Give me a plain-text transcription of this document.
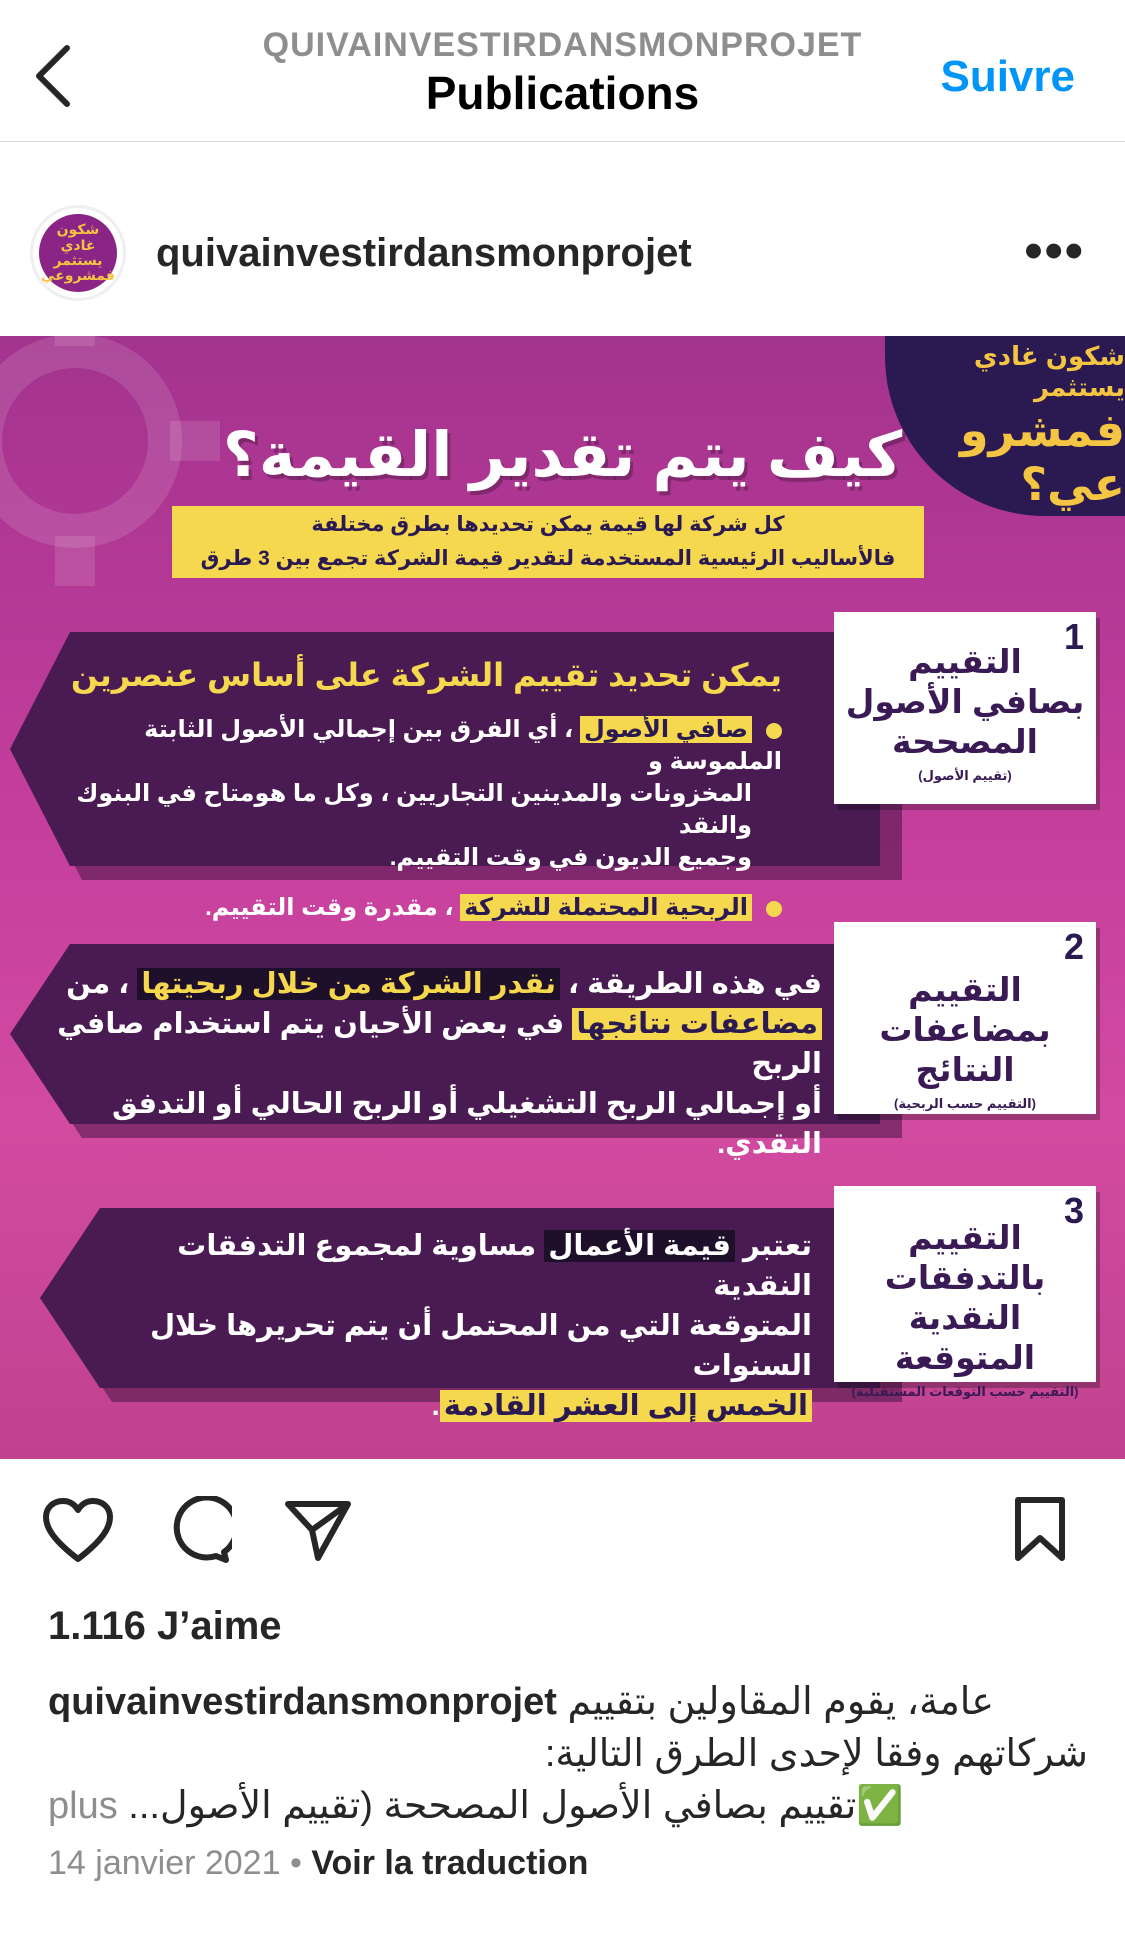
QUIVAINVESTIRDANSMONPROJET
Publications	Suivre
شكون غادي يستثمر فمشروعي
quivainvestirdansmonprojet	•••
شكون غادي يستثمر
فمشرو عي؟
كيف يتم تقدير القيمة؟
كل شركة لها قيمة يمكن تحديدها بطرق مختلفة
فالأساليب الرئيسية المستخدمة لتقدير قيمة الشركة تجمع بين 3 طرق
يمكن تحديد تقييم الشركة على أساس عنصرين
صافي الأصول ، أي الفرق بين إجمالي الأصول الثابتة الملموسة و
المخزونات والمدينين التجاريين ، وكل ما هومتاح في البنوك والنقد
وجميع الديون في وقت التقييم.
الربحية المحتملة للشركة ، مقدرة وقت التقييم.
1
التقييم
بصافي الأصول
المصححة
(تقييم الأصول)
في هذه الطريقة ، نقدر الشركة من خلال ربحيتها ، من
مضاعفات نتائجها في بعض الأحيان يتم استخدام صافي الربح
أو إجمالي الربح التشغيلي أو الربح الحالي أو التدفق النقدي.
2
التقييم
بمضاعفات النتائج
(التقييم حسب الربحية)
تعتبر قيمة الأعمال مساوية لمجموع التدفقات النقدية
المتوقعة التي من المحتمل أن يتم تحريرها خلال السنوات
الخمس إلى العشر القادمة.
3
التقييم
بالتدفقات النقدية
المتوقعة
(التقييم حسب التوقعات المستقبلية)
1.116 J’aime
quivainvestirdansmonprojet عامة، يقوم المقاولين بتقييم
شركاتهم وفقا لإحدى الطرق التالية:
plus ✅تقييم بصافي الأصول المصححة (تقييم الأصول...
14 janvier 2021 • Voir la traduction
